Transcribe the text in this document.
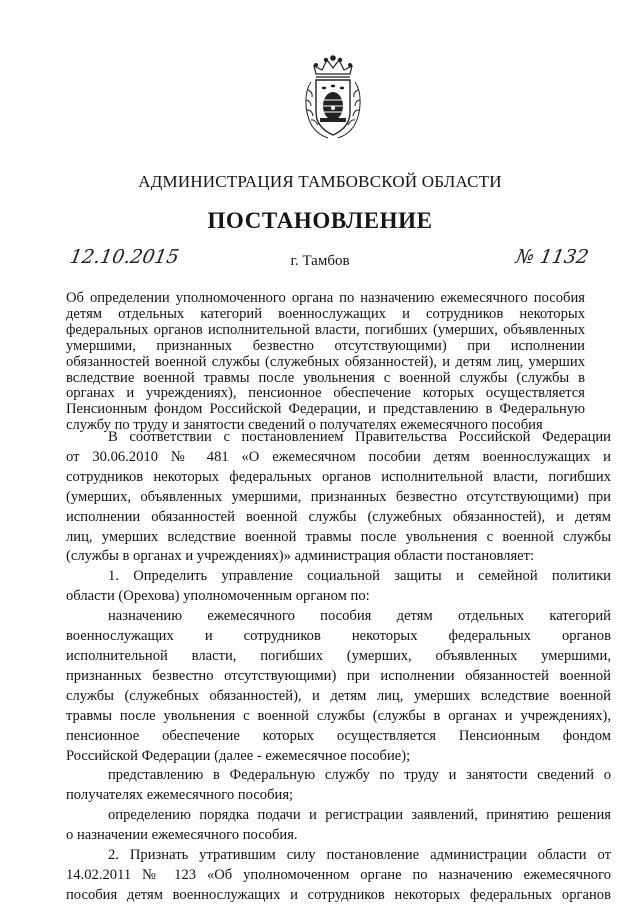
АДМИНИСТРАЦИЯ ТАМБОВСКОЙ ОБЛАСТИ
ПОСТАНОВЛЕНИЕ
12.10.2015	г. Тамбов	№ 1132
Об определении уполномоченного органа по назначению ежемесячного пособия
детям отдельных категорий военнослужащих и сотрудников некоторых
федеральных органов исполнительной власти, погибших (умерших, объявленных
умершими, признанных безвестно отсутствующими) при исполнении
обязанностей военной службы (служебных обязанностей), и детям лиц, умерших
вследствие военной травмы после увольнения с военной службы (службы в
органах и учреждениях), пенсионное обеспечение которых осуществляется
Пенсионным фондом Российской Федерации, и представлению в Федеральную
службу по труду и занятости сведений о получателях ежемесячного пособия
В соответствии с постановлением Правительства Российской Федерации
от 30.06.2010 № 481 «О ежемесячном пособии детям военнослужащих и
сотрудников некоторых федеральных органов исполнительной власти, погибших
(умерших, объявленных умершими, признанных безвестно отсутствующими) при
исполнении обязанностей военной службы (служебных обязанностей), и детям
лиц, умерших вследствие военной травмы после увольнения с военной службы
(службы в органах и учреждениях)» администрация области постановляет:
1. Определить управление социальной защиты и семейной политики
области (Орехова) уполномоченным органом по:
назначению ежемесячного пособия детям отдельных категорий
военнослужащих и сотрудников некоторых федеральных органов
исполнительной власти, погибших (умерших, объявленных умершими,
признанных безвестно отсутствующими) при исполнении обязанностей военной
службы (служебных обязанностей), и детям лиц, умерших вследствие военной
травмы после увольнения с военной службы (службы в органах и учреждениях),
пенсионное обеспечение которых осуществляется Пенсионным фондом
Российской Федерации (далее - ежемесячное пособие);
представлению в Федеральную службу по труду и занятости сведений о
получателях ежемесячного пособия;
определению порядка подачи и регистрации заявлений, принятию решения
о назначении ежемесячного пособия.
2. Признать утратившим силу постановление администрации области от
14.02.2011 № 123 «Об уполномоченном органе по назначению ежемесячного
пособия детям военнослужащих и сотрудников некоторых федеральных органов
